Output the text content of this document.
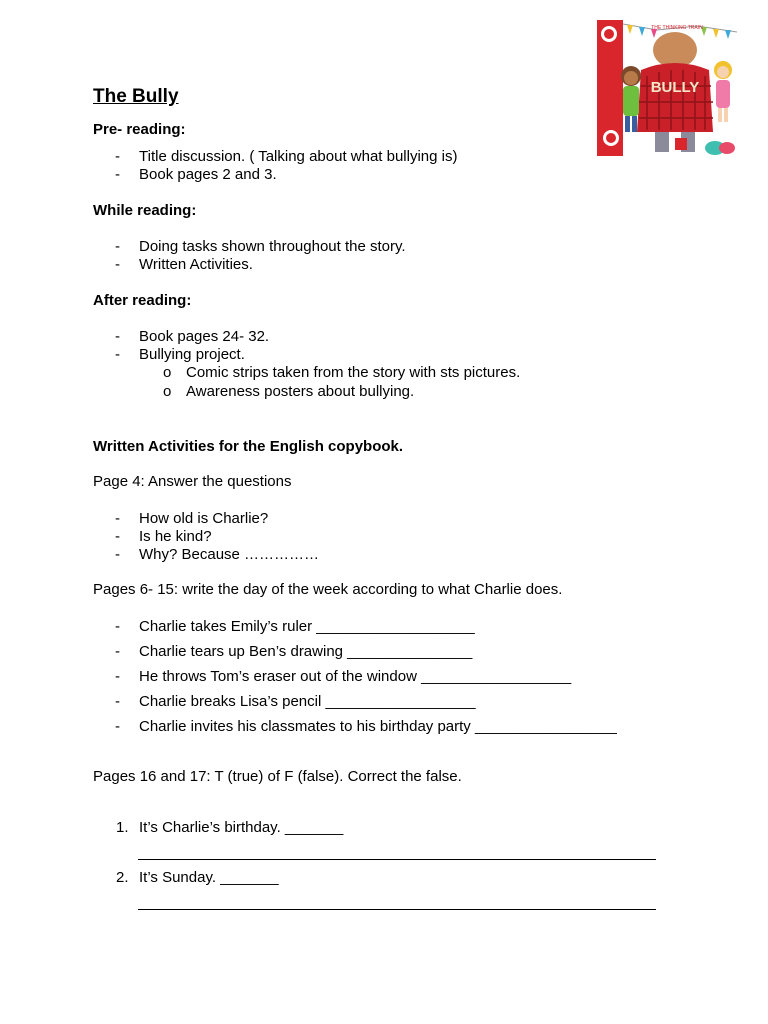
THE THINKING TRAIN
BULLY
The Bully
Pre- reading:
- Title discussion. ( Talking about what bullying is)
- Book pages 2 and 3.
While reading:
- Doing tasks shown throughout the story.
- Written Activities.
After reading:
- Book pages 24- 32.
- Bullying project.
o Comic strips taken from the story with sts pictures.
o Awareness posters about bullying.
Written Activities for the English copybook.
Page 4: Answer the questions
- How old is Charlie?
- Is he kind?
- Why? Because ……………
Pages 6- 15: write the day of the week according to what Charlie does.
- Charlie takes Emily’s ruler ___________________
- Charlie tears up Ben’s drawing _______________
- He throws Tom’s eraser out of the window __________________
- Charlie breaks Lisa’s pencil __________________
- Charlie invites his classmates to his birthday party _________________
Pages 16 and 17: T (true) of F (false). Correct the false.
1. It’s Charlie’s birthday. _______
2. It’s Sunday. _______
